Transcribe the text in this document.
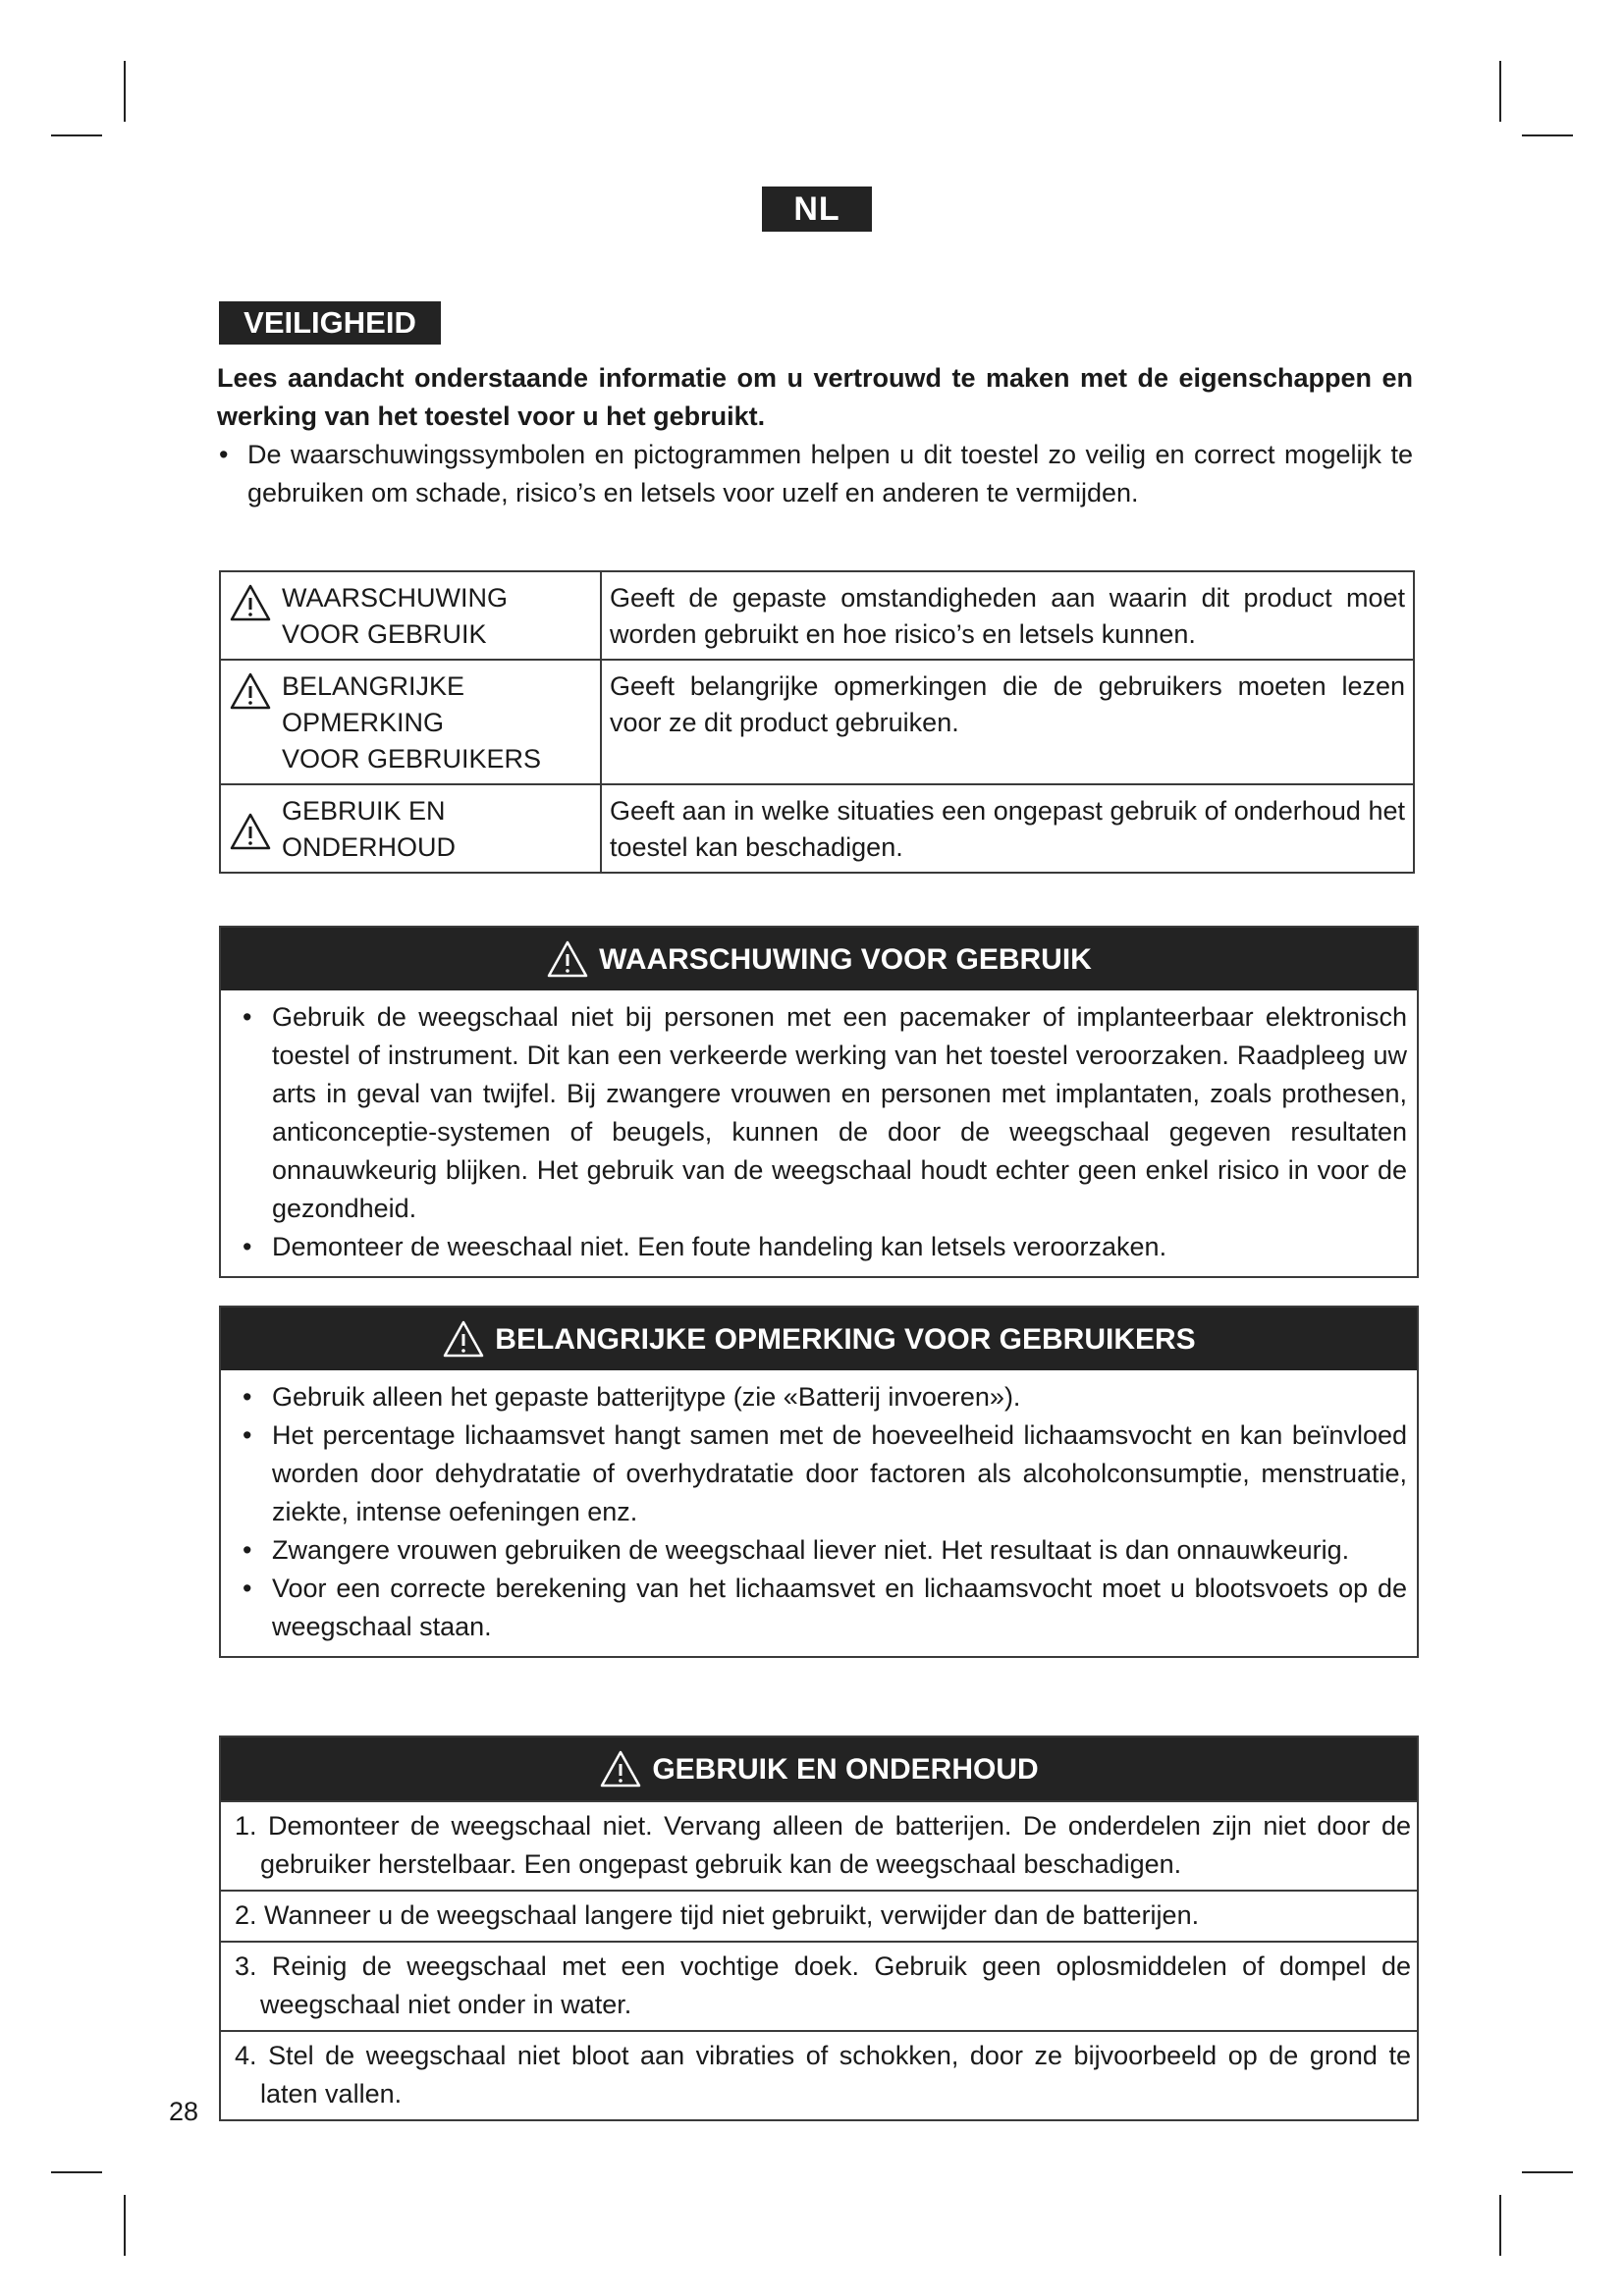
NL
VEILIGHEID

Lees aandacht onderstaande informatie om u vertrouwd te maken met de eigenschappen en werking van het toestel voor u het gebruikt.

• De waarschuwingssymbolen en pictogrammen helpen u dit toestel zo veilig en correct mogelijk te gebruiken om schade, risico’s en letsels voor uzelf en anderen te vermijden.

WAARSCHUWING
VOOR GEBRUIK	Geeft de gepaste omstandigheden aan waarin dit product moet worden gebruikt en hoe risico’s en letsels kunnen.

BELANGRIJKE OPMERKING
VOOR GEBRUIKERS	Geeft belangrijke opmerkingen die de gebruikers moeten lezen voor ze dit product gebruiken.

GEBRUIK EN ONDERHOUD	Geeft aan in welke situaties een ongepast gebruik of onderhoud het toestel kan beschadigen.
WAARSCHUWING VOOR GEBRUIK

• Gebruik de weegschaal niet bij personen met een pacemaker of implanteerbaar elektronisch toestel of instrument. Dit kan een verkeerde werking van het toestel veroorzaken. Raadpleeg uw arts in geval van twijfel. Bij zwangere vrouwen en personen met implantaten, zoals prothesen, anticonceptie-systemen of beugels, kunnen de door de weegschaal gegeven resultaten onnauwkeurig blijken. Het gebruik van de weegschaal houdt echter geen enkel risico in voor de gezondheid.

• Demonteer de weeschaal niet. Een foute handeling kan letsels veroorzaken.

BELANGRIJKE OPMERKING VOOR GEBRUIKERS

• Gebruik alleen het gepaste batterijtype (zie «Batterij invoeren»).

• Het percentage lichaamsvet hangt samen met de hoeveelheid lichaamsvocht en kan beïnvloed worden door dehydratatie of overhydratatie door factoren als alcoholconsumptie, menstruatie, ziekte, intense oefeningen enz.

• Zwangere vrouwen gebruiken de weegschaal liever niet. Het resultaat is dan onnauwkeurig.

• Voor een correcte berekening van het lichaamsvet en lichaamsvocht moet u blootsvoets op de weegschaal staan.

GEBRUIK EN ONDERHOUD
1. Demonteer de weegschaal niet. Vervang alleen de batterijen. De onderdelen zijn niet door de gebruiker herstelbaar. Een ongepast gebruik kan de weegschaal beschadigen.
2. Wanneer u de weegschaal langere tijd niet gebruikt, verwijder dan de batterijen.
3. Reinig de weegschaal met een vochtige doek. Gebruik geen oplosmiddelen of dompel de weegschaal niet onder in water.
4. Stel de weegschaal niet bloot aan vibraties of schokken, door ze bijvoorbeeld op de grond te laten vallen.
28
